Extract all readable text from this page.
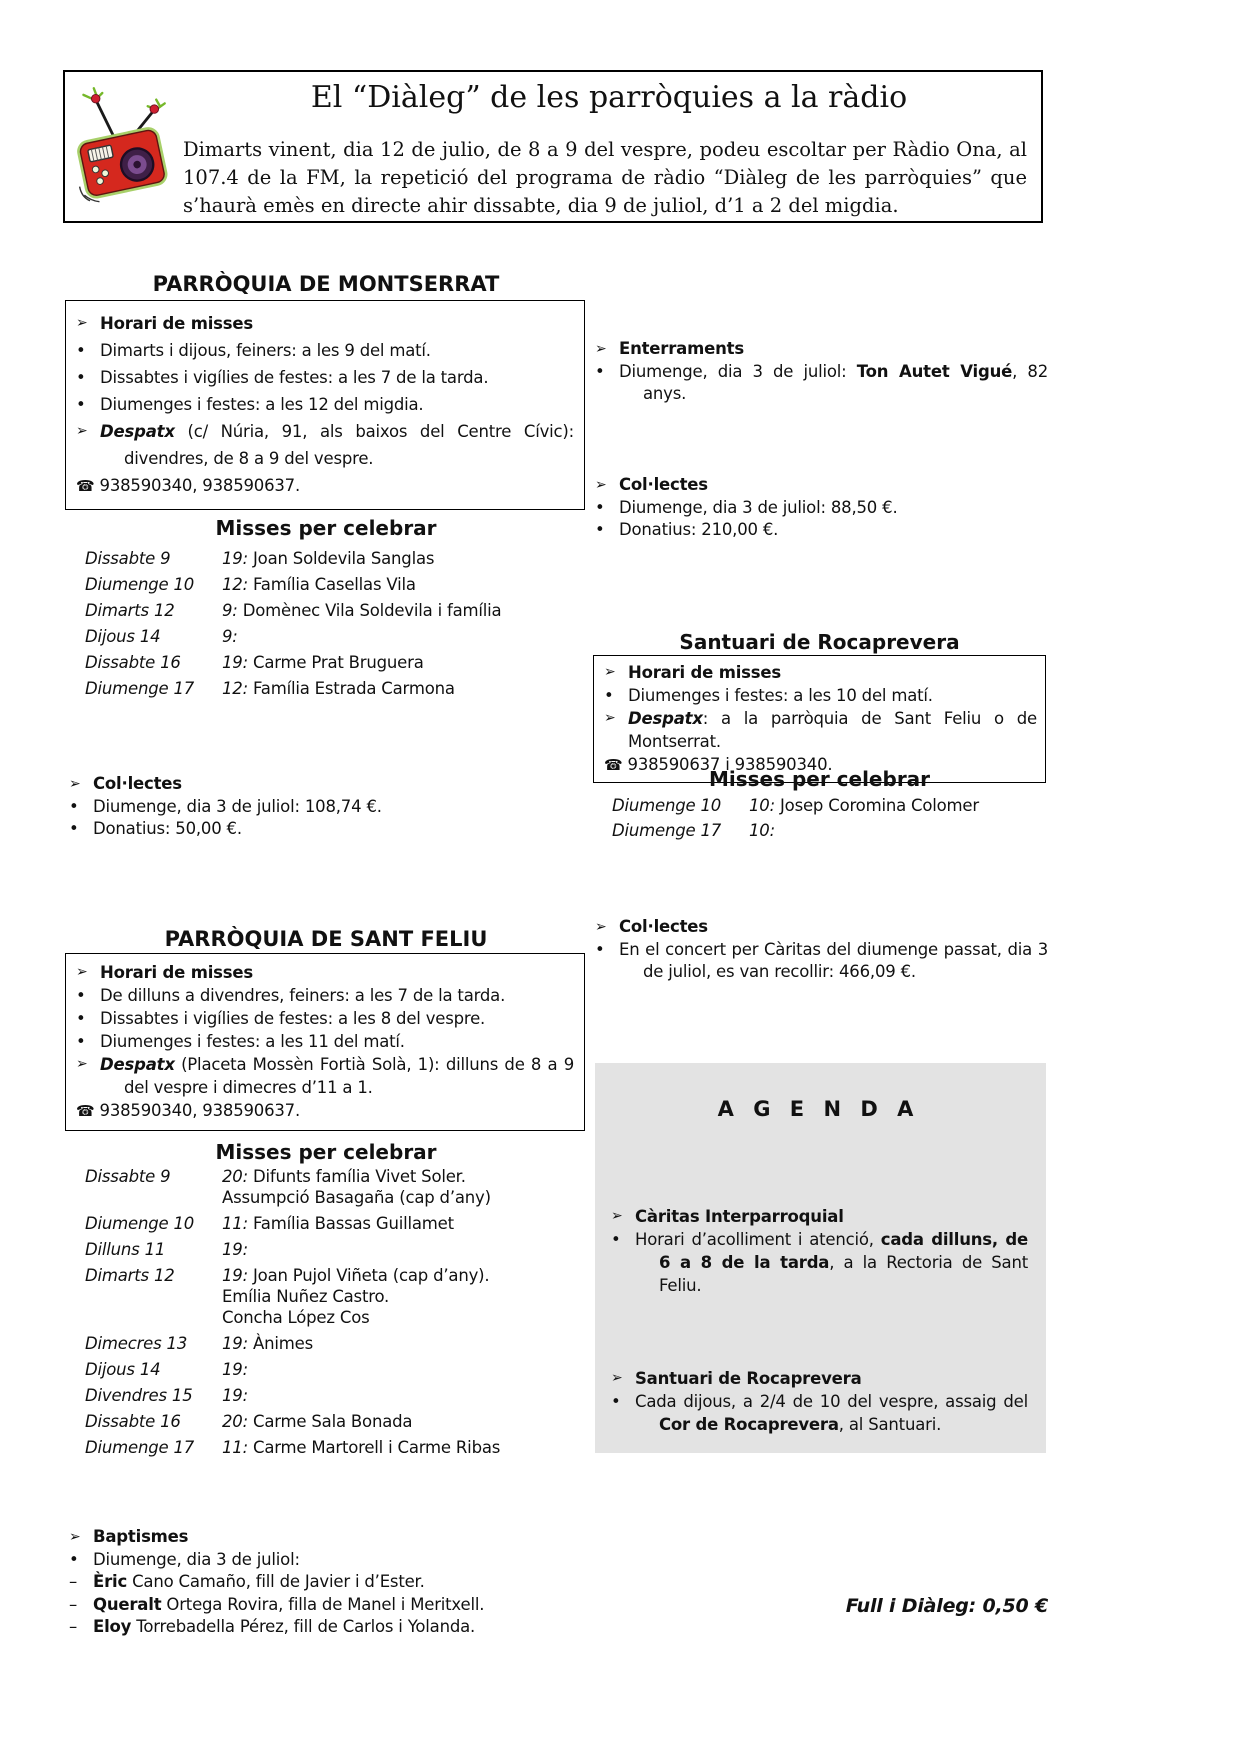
El “Diàleg” de les parròquies a la ràdio
Dimarts vinent, dia 12 de julio, de 8 a 9 del vespre, podeu escoltar per Ràdio Ona, al 107.4 de la FM, la repetició del programa de ràdio “Diàleg de les parròquies” que s’haurà emès en directe ahir dissabte, dia 9 de juliol, d’1 a 2 del migdia.
PARRÒQUIA DE MONTSERRAT
➢ Horari de misses
• Dimarts i dijous, feiners: a les 9 del matí.
• Dissabtes i vigílies de festes: a les 7 de la tarda.
• Diumenges i festes: a les 12 del migdia.
➢ Despatx (c/ Núria, 91, als baixos del Centre Cívic): divendres, de 8 a 9 del vespre.
☎ 938590340, 938590637.
Misses per celebrar
Dissabte 9	19: Joan Soldevila Sanglas
Diumenge 10	12: Família Casellas Vila
Dimarts 12	9: Domènec Vila Soldevila i família
Dijous 14	9:
Dissabte 16	19: Carme Prat Bruguera
Diumenge 17	12: Família Estrada Carmona
➢ Col·lectes
• Diumenge, dia 3 de juliol: 108,74 €.
• Donatius: 50,00 €.
PARRÒQUIA DE SANT FELIU
➢ Horari de misses
• De dilluns a divendres, feiners: a les 7 de la tarda.
• Dissabtes i vigílies de festes: a les 8 del vespre.
• Diumenges i festes: a les 11 del matí.
➢ Despatx (Placeta Mossèn Fortià Solà, 1): dilluns de 8 a 9 del vespre i dimecres d’11 a 1.
☎ 938590340, 938590637.
Misses per celebrar
Dissabte 9	20: Difunts família Vivet Soler.
Assumpció Basagaña (cap d’any)
Diumenge 10	11: Família Bassas Guillamet
Dilluns 11	19:
Dimarts 12	19: Joan Pujol Viñeta (cap d’any).
Emília Nuñez Castro.
Concha López Cos
Dimecres 13	19: Ànimes
Dijous 14	19:
Divendres 15	19:
Dissabte 16	20: Carme Sala Bonada
Diumenge 17	11: Carme Martorell i Carme Ribas
➢ Baptismes
• Diumenge, dia 3 de juliol:
– Èric Cano Camaño, fill de Javier i d’Ester.
– Queralt Ortega Rovira, filla de Manel i Meritxell.
– Eloy Torrebadella Pérez, fill de Carlos i Yolanda.
➢ Enterraments
• Diumenge, dia 3 de juliol: Ton Autet Vigué, 82 anys.
➢ Col·lectes
• Diumenge, dia 3 de juliol: 88,50 €.
• Donatius: 210,00 €.
Santuari de Rocaprevera
➢ Horari de misses
• Diumenges i festes: a les 10 del matí.
➢ Despatx: a la parròquia de Sant Feliu o de Montserrat.
☎ 938590637 i 938590340.
Misses per celebrar
Diumenge 10	10: Josep Coromina Colomer
Diumenge 17	10:
➢ Col·lectes
• En el concert per Càritas del diumenge passat, dia 3 de juliol, es van recollir: 466,09 €.
A G E N D A
➢ Càritas Interparroquial
• Horari d’acolliment i atenció, cada dilluns, de 6 a 8 de la tarda, a la Rectoria de Sant Feliu.
➢ Santuari de Rocaprevera
• Cada dijous, a 2/4 de 10 del vespre, assaig del Cor de Rocaprevera, al Santuari.
Full i Diàleg: 0,50 €
